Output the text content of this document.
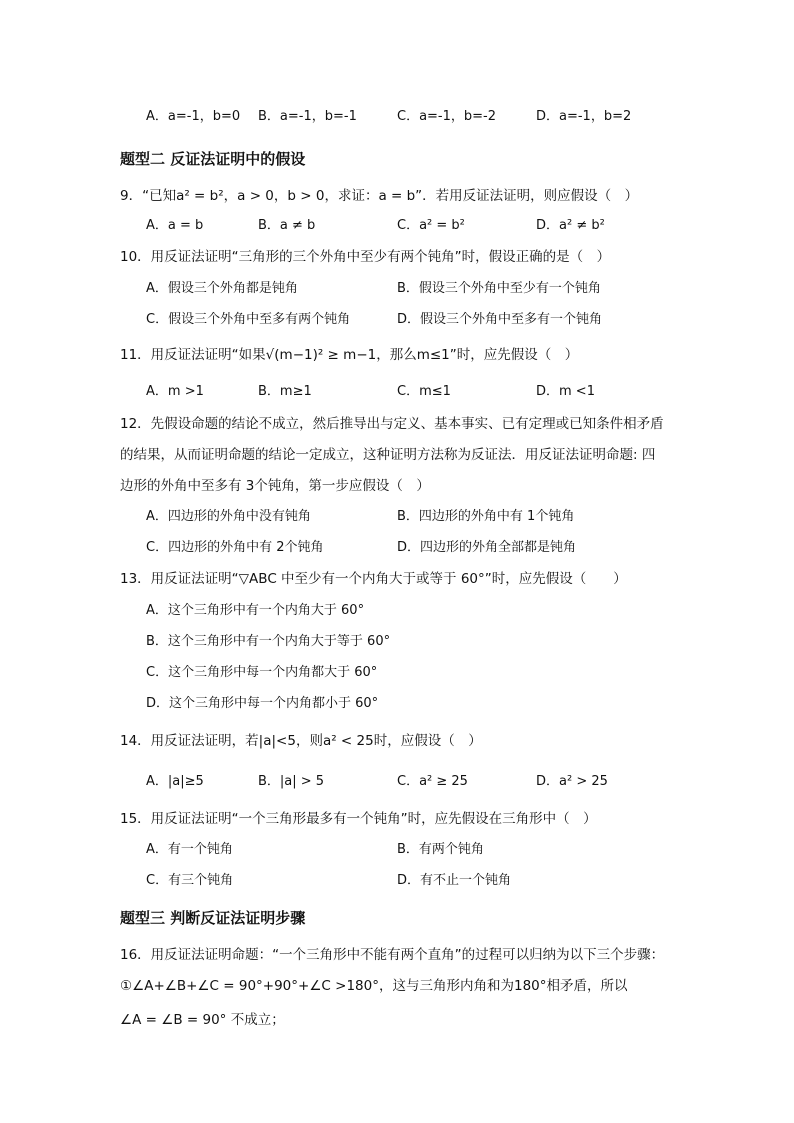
A．a=-1，b=0 B．a=-1，b=-1	C．a=-1，b=-2	D．a=-1，b=2
题型二 反证法证明中的假设
9．“已知a² = b²，a > 0，b > 0，求证：a = b”．若用反证法证明，则应假设（　）
A．a = b	B．a ≠ b	C．a² = b²	D．a² ≠ b²
10．用反证法证明“三角形的三个外角中至少有两个钝角”时，假设正确的是（　）
A．假设三个外角都是钝角	B．假设三个外角中至少有一个钝角
C．假设三个外角中至多有两个钝角	D．假设三个外角中至多有一个钝角
11．用反证法证明“如果√(m−1)² ≥ m−1，那么m≤1”时，应先假设（　）
A．m >1	B．m≥1	C．m≤1	D．m <1
12．先假设命题的结论不成立，然后推导出与定义、基本事实、已有定理或已知条件相矛盾
的结果，从而证明命题的结论一定成立，这种证明方法称为反证法．用反证法证明命题: 四
边形的外角中至多有 3个钝角，第一步应假设（　）
A．四边形的外角中没有钝角	B．四边形的外角中有 1个钝角
C．四边形的外角中有 2个钝角	D．四边形的外角全部都是钝角
13．用反证法证明“▽ABC 中至少有一个内角大于或等于 60°”时，应先假设（　　）
A．这个三角形中有一个内角大于 60°
B．这个三角形中有一个内角大于等于 60°
C．这个三角形中每一个内角都大于 60°
D．这个三角形中每一个内角都小于 60°
14．用反证法证明，若|a|<5，则a² < 25时，应假设（　）
A．|a|≥5	B．|a| > 5	C．a² ≥ 25	D．a² > 25
15．用反证法证明“一个三角形最多有一个钝角”时，应先假设在三角形中（　）
A．有一个钝角	B．有两个钝角
C．有三个钝角	D．有不止一个钝角
题型三 判断反证法证明步骤
16．用反证法证明命题：“一个三角形中不能有两个直角”的过程可以归纳为以下三个步骤：
①∠A+∠B+∠C = 90°+90°+∠C >180°，这与三角形内角和为180°相矛盾，所以
∠A = ∠B = 90° 不成立；
